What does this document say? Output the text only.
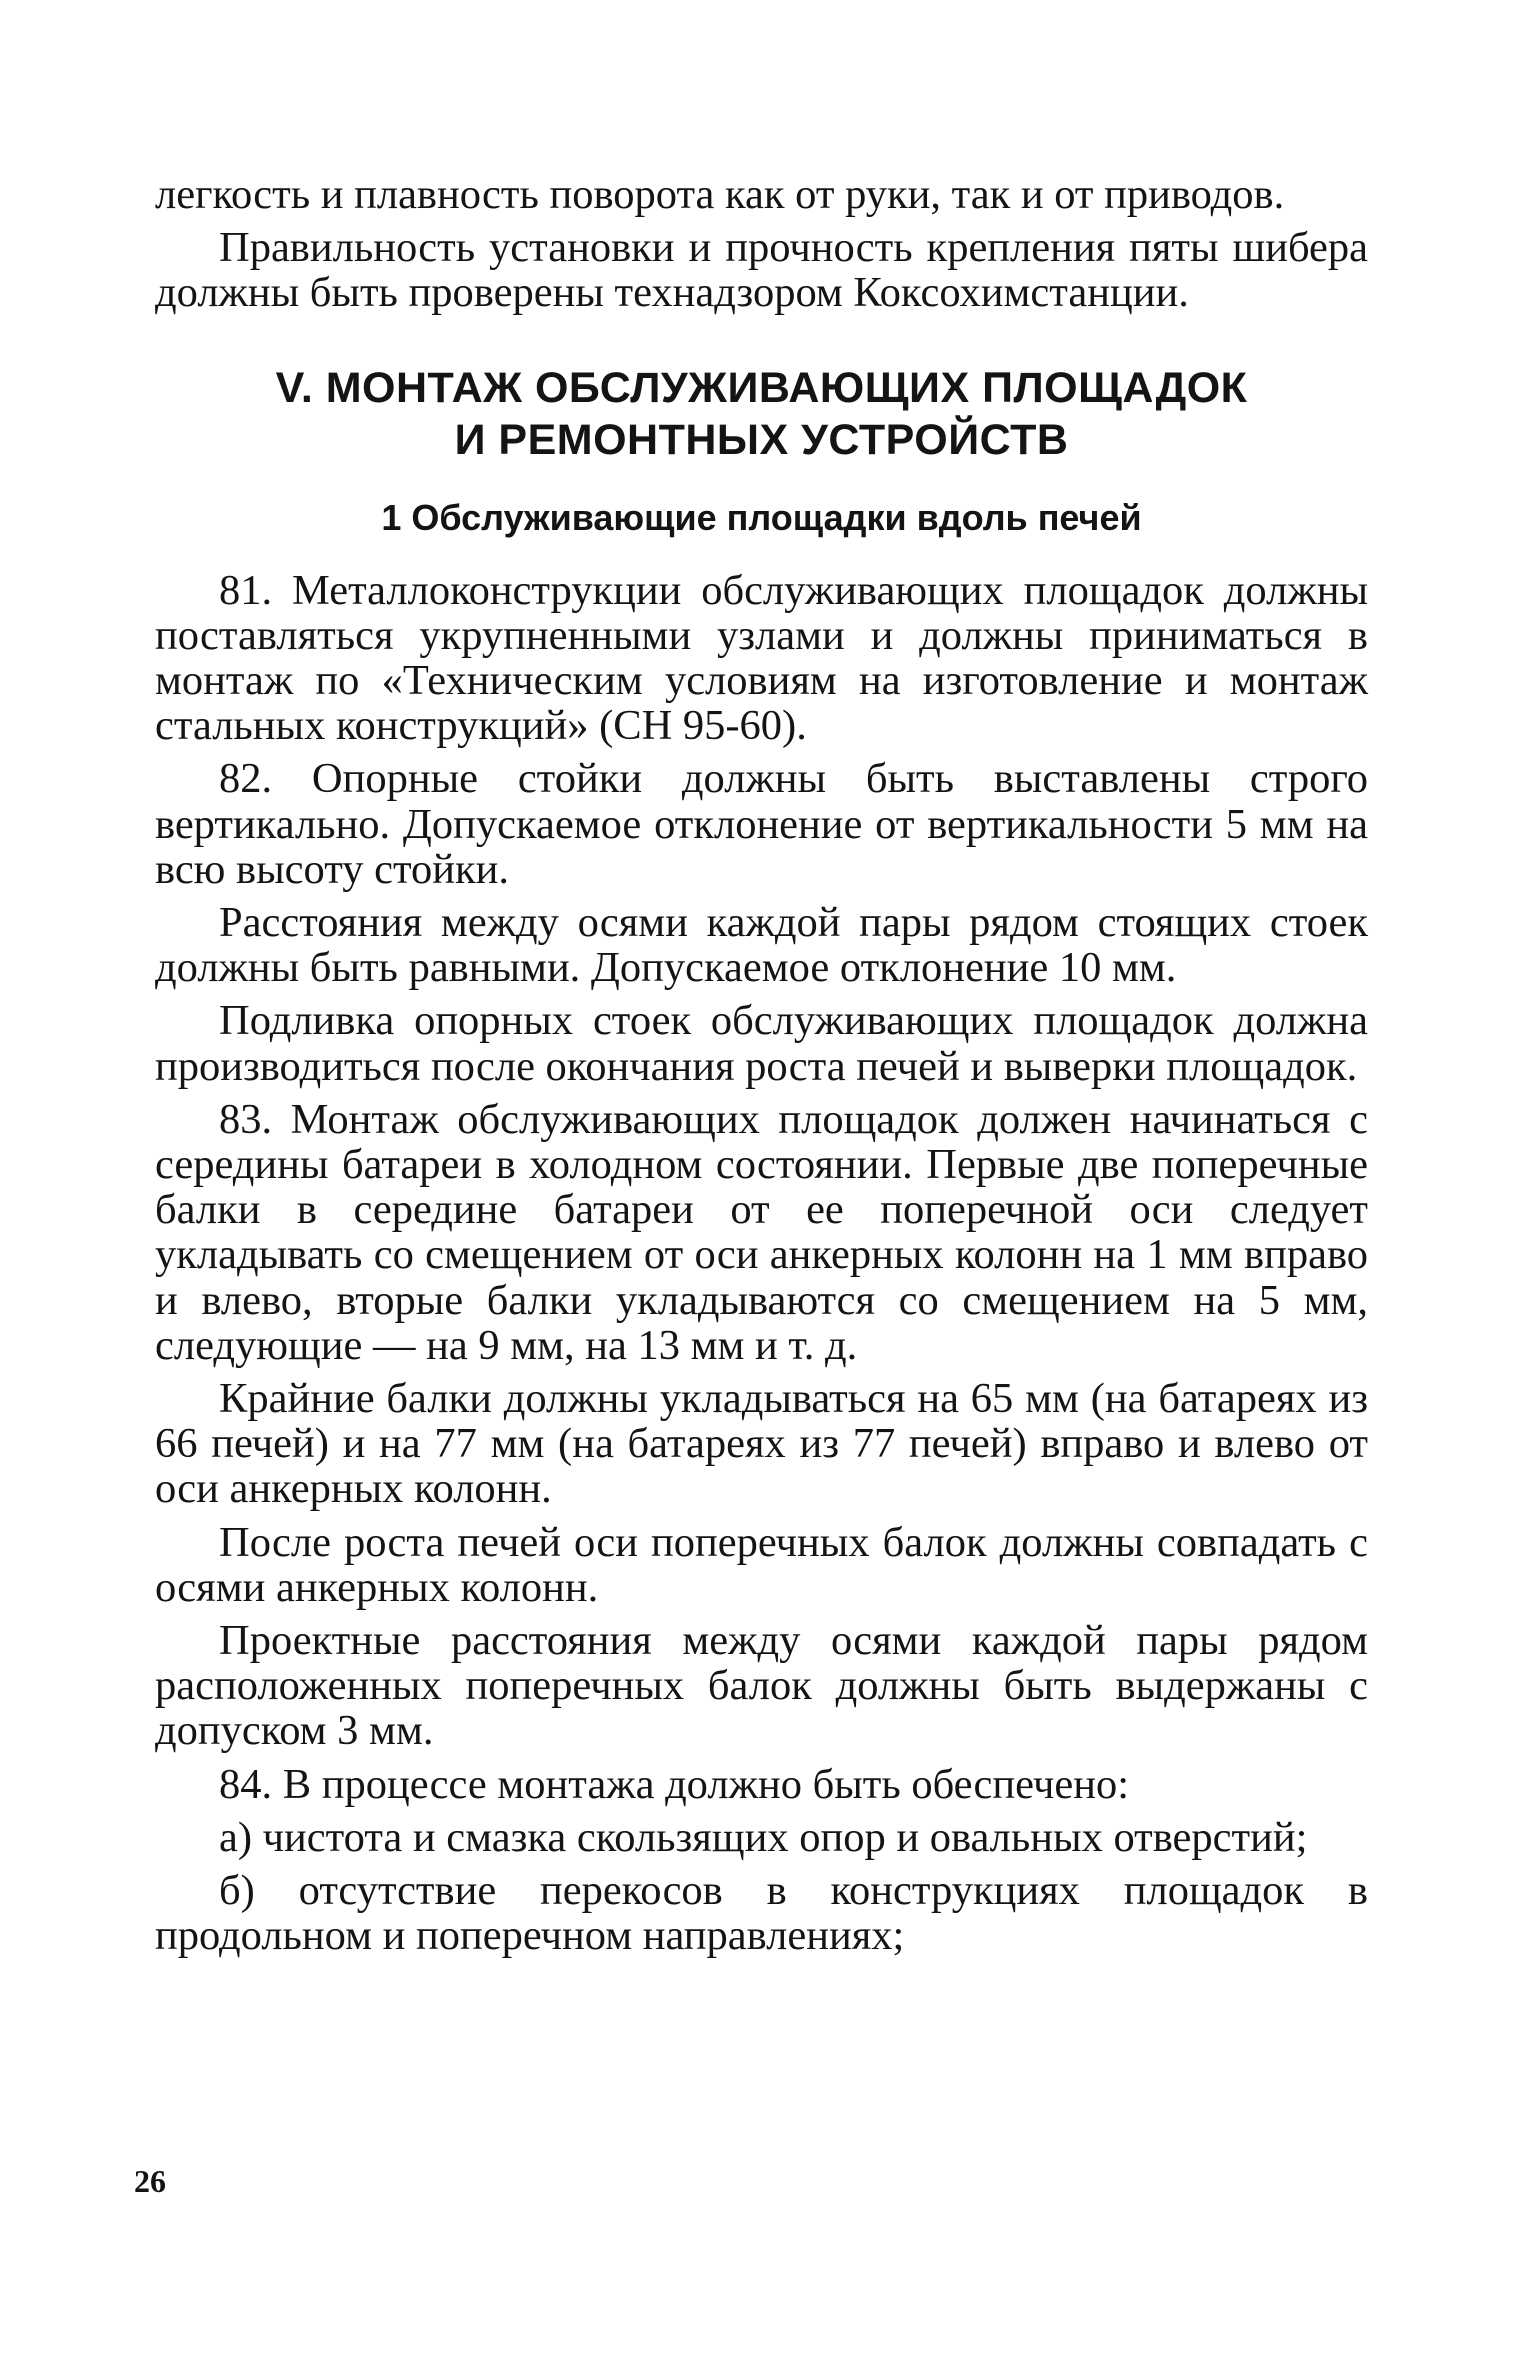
легкость и плавность поворота как от руки, так и от приводов.

Правильность установки и прочность крепления пяты шибера должны быть проверены технадзором Коксохимстанции.

V. МОНТАЖ ОБСЛУЖИВАЮЩИХ ПЛОЩАДОК
И РЕМОНТНЫХ УСТРОЙСТВ
1 Обслуживающие площадки вдоль печей

81. Металлоконструкции обслуживающих площадок должны поставляться укрупненными узлами и должны приниматься в монтаж по «Техническим условиям на изготовление и монтаж стальных конструкций» (СН 95-60).

82. Опорные стойки должны быть выставлены строго вертикально. Допускаемое отклонение от вертикальности 5 мм на всю высоту стойки.

Расстояния между осями каждой пары рядом стоящих стоек должны быть равными. Допускаемое отклонение 10 мм.

Подливка опорных стоек обслуживающих площадок должна производиться после окончания роста печей и выверки площадок.

83. Монтаж обслуживающих площадок должен начинаться с середины батареи в холодном состоянии. Первые две поперечные балки в середине батареи от ее поперечной оси следует укладывать со смещением от оси анкерных колонн на 1 мм вправо и влево, вторые балки укладываются со смещением на 5 мм, следующие — на 9 мм, на 13 мм и т. д.

Крайние балки должны укладываться на 65 мм (на батареях из 66 печей) и на 77 мм (на батареях из 77 печей) вправо и влево от оси анкерных колонн.

После роста печей оси поперечных балок должны совпадать с осями анкерных колонн.

Проектные расстояния между осями каждой пары рядом расположенных поперечных балок должны быть выдержаны с допуском 3 мм.

84. В процессе монтажа должно быть обеспечено:

а) чистота и смазка скользящих опор и овальных отверстий;

б) отсутствие перекосов в конструкциях площадок в продольном и поперечном направлениях;

26
